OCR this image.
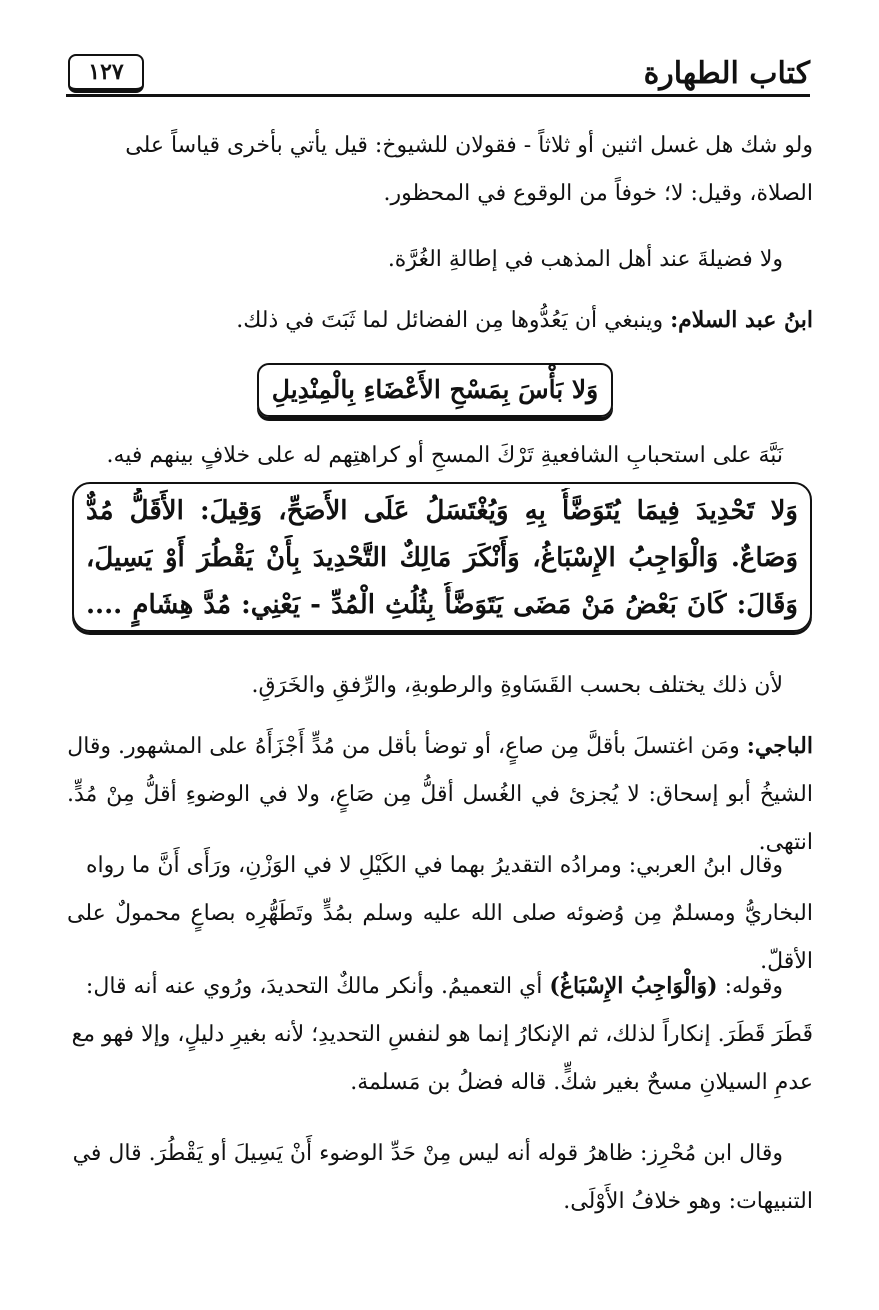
كتاب الطهارة
١٢٧
ولو شك هل غسل اثنين أو ثلاثاً - فقولان للشيوخ: قيل يأتي بأخرى قياساً على
الصلاة، وقيل: لا؛ خوفاً من الوقوع في المحظور.
ولا فضيلةَ عند أهل المذهب في إطالةِ الغُرَّة.
ابنُ عبد السلام: وينبغي أن يَعُدُّوها مِن الفضائل لما ثَبَتَ في ذلك.
وَلا بَأْسَ بِمَسْحِ الأَعْضَاءِ بِالْمِنْدِيلِ
نَبَّهَ على استحبابِ الشافعيةِ تَرْكَ المسحِ أو كراهتِهم له على خلافٍ بينهم فيه.
وَلا تَحْدِيدَ فِيمَا يُتَوَضَّأُ بِهِ وَيُغْتَسَلُ عَلَى الأَصَحِّ، وَقِيلَ: الأَقَلُّ مُدٌّ
وَصَاعٌ. وَالْوَاجِبُ الإِسْبَاغُ، وَأَنْكَرَ مَالِكٌ التَّحْدِيدَ بِأَنْ يَقْطُرَ أَوْ يَسِيلَ،
وَقَالَ: كَانَ بَعْضُ مَنْ مَضَى يَتَوَضَّأُ بِثُلُثِ الْمُدِّ - يَعْنِي: مُدَّ هِشَامٍ ....
لأن ذلك يختلف بحسب القَسَاوةِ والرطوبةِ، والرِّفقِ والخَرَقِ.
الباجي: ومَن اغتسلَ بأقلَّ مِن صاعٍ، أو توضأ بأقل من مُدٍّ أَجْزَأَهُ على المشهور. وقال
الشيخُ أبو إسحاق: لا يُجزئ في الغُسل أقلُّ مِن صَاعٍ، ولا في الوضوءِ أقلُّ مِنْ مُدٍّ. انتهى.
وقال ابنُ العربي: ومرادُه التقديرُ بهما في الكَيْلِ لا في الوَزْنِ، ورَأَى أَنَّ ما رواه
البخاريُّ ومسلمٌ مِن وُضوئه صلى الله عليه وسلم بمُدٍّ وتَطَهُّرِه بصاعٍ محمولٌ على الأقلّ.
وقوله: (وَالْوَاجِبُ الإِسْبَاغُ) أي التعميمُ. وأنكر مالكٌ التحديدَ، ورُوي عنه أنه قال:
قَطَرَ قَطَرَ. إنكاراً لذلك، ثم الإنكارُ إنما هو لنفسِ التحديدِ؛ لأنه بغيرِ دليلٍ، وإلا فهو مع
عدمِ السيلانِ مسحٌ بغير شكٍّ. قاله فضلُ بن مَسلمة.
وقال ابن مُحْرِز: ظاهرُ قوله أنه ليس مِنْ حَدِّ الوضوء أَنْ يَسِيلَ أو يَقْطُرَ. قال في
التنبيهات: وهو خلافُ الأَوْلَى.
